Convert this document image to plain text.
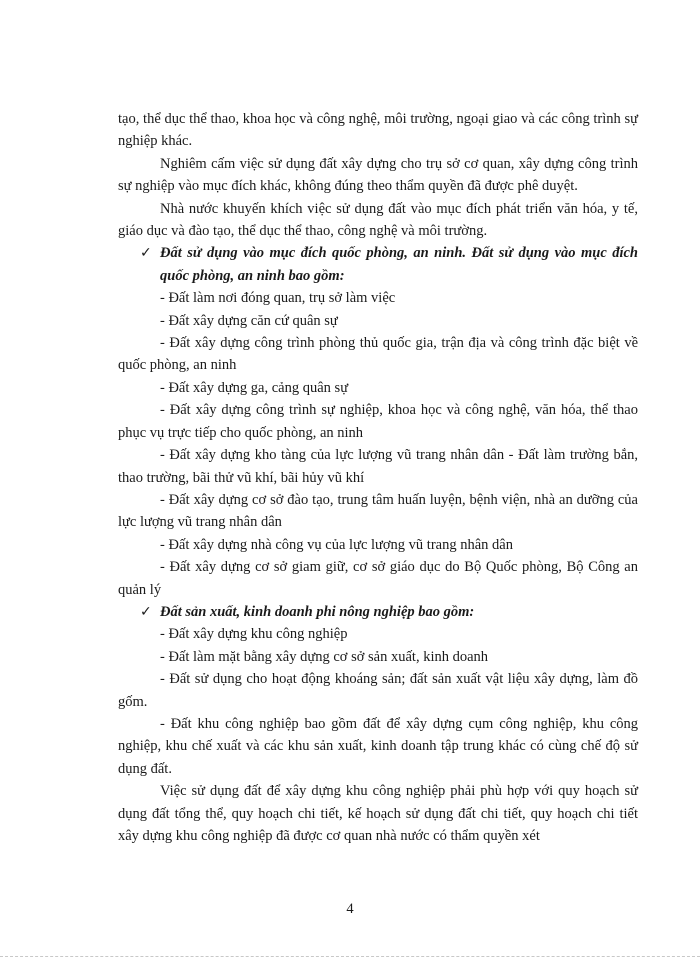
tạo, thể dục thể thao, khoa học và công nghệ, môi trường, ngoại giao và các công trình sự nghiệp khác.

Nghiêm cấm việc sử dụng đất xây dựng cho trụ sở cơ quan, xây dựng công trình sự nghiệp vào mục đích khác, không đúng theo thẩm quyền đã được phê duyệt.

Nhà nước khuyến khích việc sử dụng đất vào mục đích phát triển văn hóa, y tế, giáo dục và đào tạo, thể dục thể thao, công nghệ và môi trường.

✓ Đất sử dụng vào mục đích quốc phòng, an ninh. Đất sử dụng vào mục đích quốc phòng, an ninh bao gồm:

- Đất làm nơi đóng quan, trụ sở làm việc

- Đất xây dựng căn cứ quân sự

- Đất xây dựng công trình phòng thủ quốc gia, trận địa và công trình đặc biệt về quốc phòng, an ninh

- Đất xây dựng ga, cảng quân sự

- Đất xây dựng công trình sự nghiệp, khoa học và công nghệ, văn hóa, thể thao phục vụ trực tiếp cho quốc phòng, an ninh

- Đất xây dựng kho tàng của lực lượng vũ trang nhân dân - Đất làm trường bắn, thao trường, bãi thử vũ khí, bãi hủy vũ khí

- Đất xây dựng cơ sở đào tạo, trung tâm huấn luyện, bệnh viện, nhà an dưỡng của lực lượng vũ trang nhân dân

- Đất xây dựng nhà công vụ của lực lượng vũ trang nhân dân

- Đất xây dựng cơ sở giam giữ, cơ sở giáo dục do Bộ Quốc phòng, Bộ Công an quản lý

✓ Đất sản xuất, kinh doanh phi nông nghiệp bao gồm:

- Đất xây dựng khu công nghiệp

- Đất làm mặt bằng xây dựng cơ sở sản xuất, kinh doanh

- Đất sử dụng cho hoạt động khoáng sản; đất sản xuất vật liệu xây dựng, làm đồ gốm.

- Đất khu công nghiệp bao gồm đất để xây dựng cụm công nghiệp, khu công nghiệp, khu chế xuất và các khu sản xuất, kinh doanh tập trung khác có cùng chế độ sử dụng đất.

Việc sử dụng đất để xây dựng khu công nghiệp phải phù hợp với quy hoạch sử dụng đất tổng thể, quy hoạch chi tiết, kế hoạch sử dụng đất chi tiết, quy hoạch chi tiết xây dựng khu công nghiệp đã được cơ quan nhà nước có thẩm quyền xét

4
